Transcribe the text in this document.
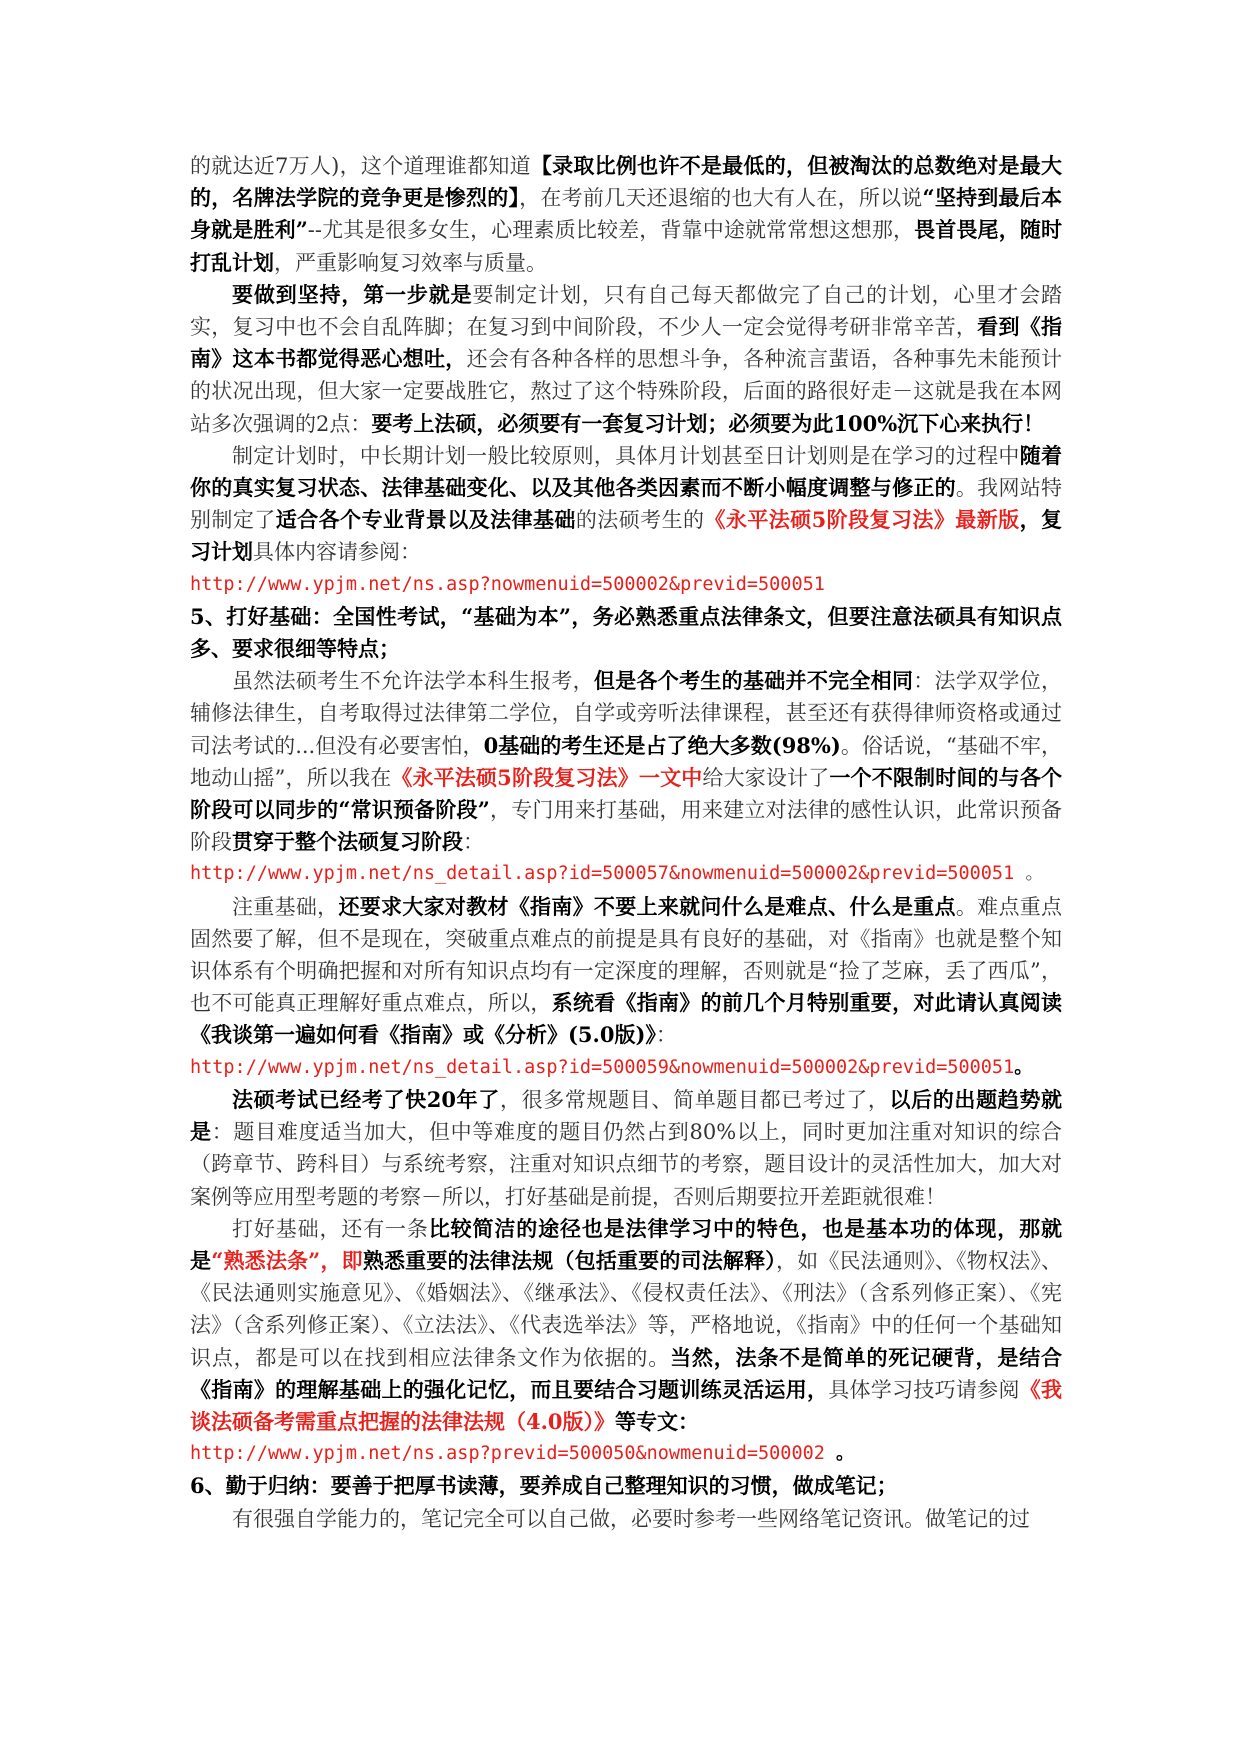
的就达近7万人)，这个道理谁都知道【录取比例也许不是最低的，但被淘汰的总数绝对是最大的，名牌法学院的竞争更是惨烈的】，在考前几天还退缩的也大有人在，所以说“坚持到最后本身就是胜利”--尤其是很多女生，心理素质比较差，背靠中途就常常想这想那，畏首畏尾，随时打乱计划，严重影响复习效率与质量。

要做到坚持，第一步就是要制定计划，只有自己每天都做完了自己的计划，心里才会踏实，复习中也不会自乱阵脚；在复习到中间阶段，不少人一定会觉得考研非常辛苦，看到《指南》这本书都觉得恶心想吐，还会有各种各样的思想斗争，各种流言蜚语，各种事先未能预计的状况出现，但大家一定要战胜它，熬过了这个特殊阶段，后面的路很好走－这就是我在本网站多次强调的2点：要考上法硕，必须要有一套复习计划；必须要为此100%沉下心来执行！

制定计划时，中长期计划一般比较原则，具体月计划甚至日计划则是在学习的过程中随着你的真实复习状态、法律基础变化、以及其他各类因素而不断小幅度调整与修正的。我网站特别制定了适合各个专业背景以及法律基础的法硕考生的《永平法硕5阶段复习法》最新版，复习计划具体内容请参阅：

http://www.ypjm.net/ns.asp?nowmenuid=500002&previd=500051

5、打好基础：全国性考试，“基础为本”，务必熟悉重点法律条文，但要注意法硕具有知识点多、要求很细等特点；

虽然法硕考生不允许法学本科生报考，但是各个考生的基础并不完全相同：法学双学位，辅修法律生，自考取得过法律第二学位，自学或旁听法律课程，甚至还有获得律师资格或通过司法考试的...但没有必要害怕，0基础的考生还是占了绝大多数(98%)。俗话说，“基础不牢，地动山摇”，所以我在《永平法硕5阶段复习法》一文中给大家设计了一个不限制时间的与各个阶段可以同步的“常识预备阶段”，专门用来打基础，用来建立对法律的感性认识，此常识预备阶段贯穿于整个法硕复习阶段：

http://www.ypjm.net/ns_detail.asp?id=500057&nowmenuid=500002&previd=500051 。

注重基础，还要求大家对教材《指南》不要上来就问什么是难点、什么是重点。难点重点固然要了解，但不是现在，突破重点难点的前提是具有良好的基础，对《指南》也就是整个知识体系有个明确把握和对所有知识点均有一定深度的理解，否则就是“捡了芝麻，丢了西瓜”，也不可能真正理解好重点难点，所以，系统看《指南》的前几个月特别重要，对此请认真阅读《我谈第一遍如何看《指南》或《分析》(5.0版)》：

http://www.ypjm.net/ns_detail.asp?id=500059&nowmenuid=500002&previd=500051。

法硕考试已经考了快20年了，很多常规题目、简单题目都已考过了，以后的出题趋势就是：题目难度适当加大，但中等难度的题目仍然占到80%以上，同时更加注重对知识的综合（跨章节、跨科目）与系统考察，注重对知识点细节的考察，题目设计的灵活性加大，加大对案例等应用型考题的考察－所以，打好基础是前提，否则后期要拉开差距就很难！

打好基础，还有一条比较简洁的途径也是法律学习中的特色，也是基本功的体现，那就是“熟悉法条”，即熟悉重要的法律法规（包括重要的司法解释），如《民法通则》、《物权法》、《民法通则实施意见》、《婚姻法》、《继承法》、《侵权责任法》、《刑法》（含系列修正案）、《宪法》（含系列修正案）、《立法法》、《代表选举法》等，严格地说，《指南》中的任何一个基础知识点，都是可以在找到相应法律条文作为依据的。当然，法条不是简单的死记硬背，是结合《指南》的理解基础上的强化记忆，而且要结合习题训练灵活运用，具体学习技巧请参阅《我谈法硕备考需重点把握的法律法规（4.0版）》等专文：

http://www.ypjm.net/ns.asp?previd=500050&nowmenuid=500002 。

6、勤于归纳：要善于把厚书读薄，要养成自己整理知识的习惯，做成笔记；

有很强自学能力的，笔记完全可以自己做，必要时参考一些网络笔记资讯。做笔记的过
